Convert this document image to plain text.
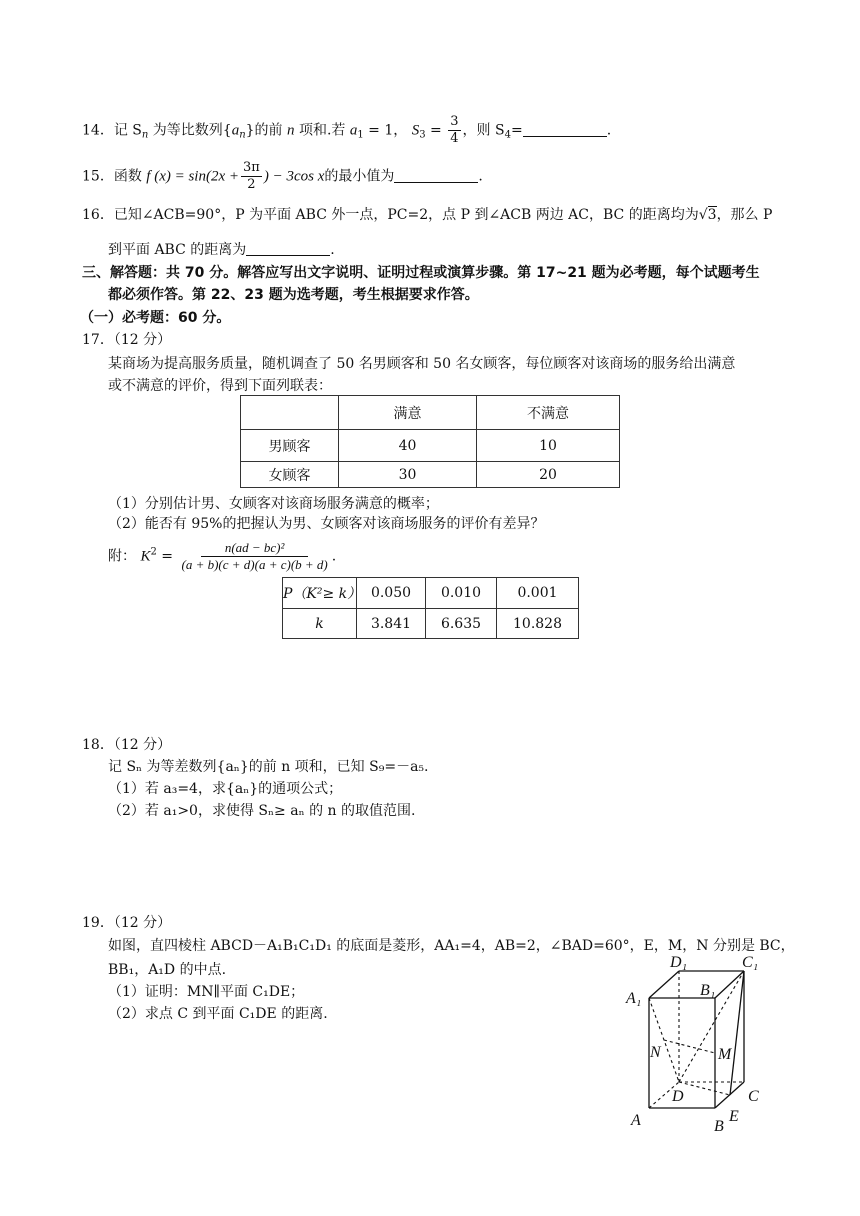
14．记 $S_n$ 为等比数列$\{a_n\}$的前 n 项和.若 $a_1 = 1$， $S_3 = \frac{3}{4}$ ，则 $S_4=$	.
15．函数 f $(x) = \sin(2x + \frac{3\pi}{2}$ ) − 3cos x的最小值为	.
16．已知∠ACB=90°，P 为平面 ABC 外一点，PC=2，点 P 到∠ACB 两边 AC，BC 的距离均为√3，那么 P
到平面 ABC 的距离为	.
三、解答题：共 70 分。解答应写出文字说明、证明过程或演算步骤。第 17~21 题为必考题，每个试题考生
都必须作答。第 22、23 题为选考题，考生根据要求作答。
（一）必考题：60 分。
17．（12 分）
某商场为提高服务质量，随机调查了 50 名男顾客和 50 名女顾客，每位顾客对该商场的服务给出满意
或不满意的评价，得到下面列联表：
	满意	不满意
男顾客	40	10
女顾客	30	20
（1）分别估计男、女顾客对该商场服务满意的概率；
（2）能否有 95%的把握认为男、女顾客对该商场服务的评价有差异？
附： $K^2 = \frac{\text{n(ad − bc)²}}{(a + b)(c + d)(a + c)(b + d)}$ .
P（K²≥ k）	0.050	0.010	0.001
k	3.841	6.635	10.828
18．（12 分）
记 Sₙ 为等差数列{aₙ}的前 n 项和，已知 S₉=－a₅.
（1）若 a₃=4，求{aₙ}的通项公式；
（2）若 a₁>0，求使得 Sₙ≥ aₙ 的 n 的取值范围.
19．（12 分）
如图，直四棱柱 ABCD－A₁B₁C₁D₁ 的底面是菱形，AA₁=4，AB=2，∠BAD=60°，E，M，N 分别是 BC，
BB₁，A₁D 的中点.
（1）证明：MN∥平面 C₁DE；
（2）求点 C 到平面 C₁DE 的距离.
D₁	C₁
A₁	B₁
N	M
D	C
A	B
E
